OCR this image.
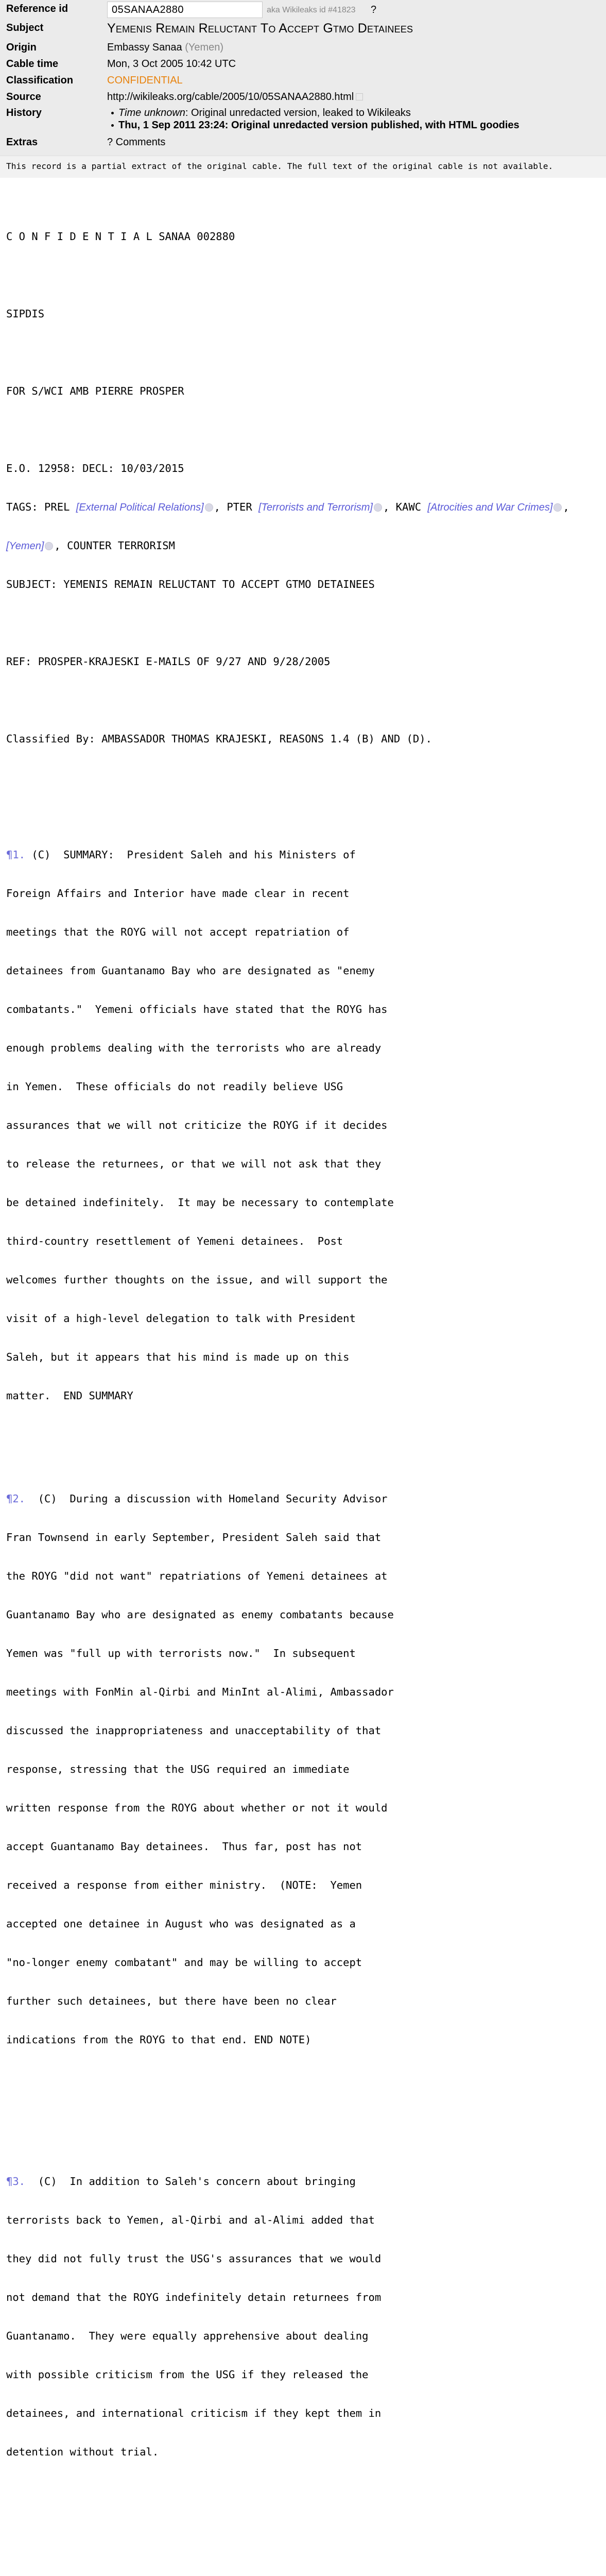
Reference id
05SANAA2880	aka Wikileaks id #41823 ?
Subject	Yemenis Remain Reluctant To Accept Gtmo Detainees
Origin	Embassy Sanaa (Yemen)
Cable time	Mon, 3 Oct 2005 10:42 UTC
Classification	CONFIDENTIAL
Source	http://wikileaks.org/cable/2005/10/05SANAA2880.html
History	Time unknown: Original unredacted version, leaked to Wikileaks
Thu, 1 Sep 2011 23:24: Original unredacted version published, with HTML goodies
Extras	? Comments
This record is a partial extract of the original cable. The full text of the original cable is not available.

C O N F I D E N T I A L SANAA 002880

SIPDIS

FOR S/WCI AMB PIERRE PROSPER

E.O. 12958: DECL: 10/03/2015

TAGS: PREL [External Political Relations] , PTER [Terrorists and Terrorism] , KAWC [Atrocities and War Crimes] ,

[Yemen] , COUNTER TERRORISM

SUBJECT: YEMENIS REMAIN RELUCTANT TO ACCEPT GTMO DETAINEES

REF: PROSPER-KRAJESKI E-MAILS OF 9/27 AND 9/28/2005

Classified By: AMBASSADOR THOMAS KRAJESKI, REASONS 1.4 (B) AND (D).

¶1. (C)  SUMMARY:  President Saleh and his Ministers of

Foreign Affairs and Interior have made clear in recent

meetings that the ROYG will not accept repatriation of

detainees from Guantanamo Bay who are designated as "enemy

combatants."  Yemeni officials have stated that the ROYG has

enough problems dealing with the terrorists who are already

in Yemen.  These officials do not readily believe USG

assurances that we will not criticize the ROYG if it decides

to release the returnees, or that we will not ask that they

be detained indefinitely.  It may be necessary to contemplate

third-country resettlement of Yemeni detainees.  Post

welcomes further thoughts on the issue, and will support the

visit of a high-level delegation to talk with President

Saleh, but it appears that his mind is made up on this

matter.  END SUMMARY

¶2.  (C)  During a discussion with Homeland Security Advisor

Fran Townsend in early September, President Saleh said that

the ROYG "did not want" repatriations of Yemeni detainees at

Guantanamo Bay who are designated as enemy combatants because

Yemen was "full up with terrorists now."  In subsequent

meetings with FonMin al-Qirbi and MinInt al-Alimi, Ambassador

discussed the inappropriateness and unacceptability of that

response, stressing that the USG required an immediate

written response from the ROYG about whether or not it would

accept Guantanamo Bay detainees.  Thus far, post has not

received a response from either ministry.  (NOTE:  Yemen

accepted one detainee in August who was designated as a

"no-longer enemy combatant" and may be willing to accept

further such detainees, but there have been no clear

indications from the ROYG to that end. END NOTE)

¶3.  (C)  In addition to Saleh's concern about bringing

terrorists back to Yemen, al-Qirbi and al-Alimi added that

they did not fully trust the USG's assurances that we would

not demand that the ROYG indefinitely detain returnees from

Guantanamo.  They were equally apprehensive about dealing

with possible criticism from the USG if they released the

detainees, and international criticism if they kept them in

detention without trial.
